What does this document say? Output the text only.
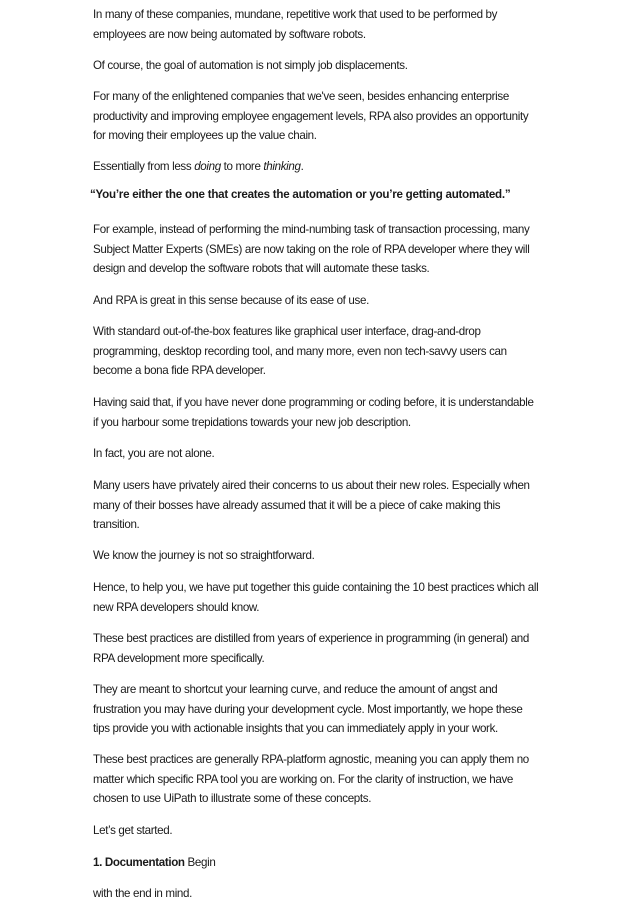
In many of these companies, mundane, repetitive work that used to be performed by
employees are now being automated by software robots.
Of course, the goal of automation is not simply job displacements.
For many of the enlightened companies that we've seen, besides enhancing enterprise
productivity and improving employee engagement levels, RPA also provides an opportunity
for moving their employees up the value chain.
Essentially from less doing to more thinking.
“You’re either the one that creates the automation or you’re getting automated.”
For example, instead of performing the mind-numbing task of transaction processing, many
Subject Matter Experts (SMEs) are now taking on the role of RPA developer where they will
design and develop the software robots that will automate these tasks.
And RPA is great in this sense because of its ease of use.
With standard out-of-the-box features like graphical user interface, drag-and-drop
programming, desktop recording tool, and many more, even non tech-savvy users can
become a bona fide RPA developer.
Having said that, if you have never done programming or coding before, it is understandable
if you harbour some trepidations towards your new job description.
In fact, you are not alone.
Many users have privately aired their concerns to us about their new roles. Especially when
many of their bosses have already assumed that it will be a piece of cake making this
transition.
We know the journey is not so straightforward.
Hence, to help you, we have put together this guide containing the 10 best practices which all
new RPA developers should know.
These best practices are distilled from years of experience in programming (in general) and
RPA development more specifically.
They are meant to shortcut your learning curve, and reduce the amount of angst and
frustration you may have during your development cycle. Most importantly, we hope these
tips provide you with actionable insights that you can immediately apply in your work.
These best practices are generally RPA-platform agnostic, meaning you can apply them no
matter which specific RPA tool you are working on. For the clarity of instruction, we have
chosen to use UiPath to illustrate some of these concepts.
Let’s get started.
1. Documentation Begin
with the end in mind.
